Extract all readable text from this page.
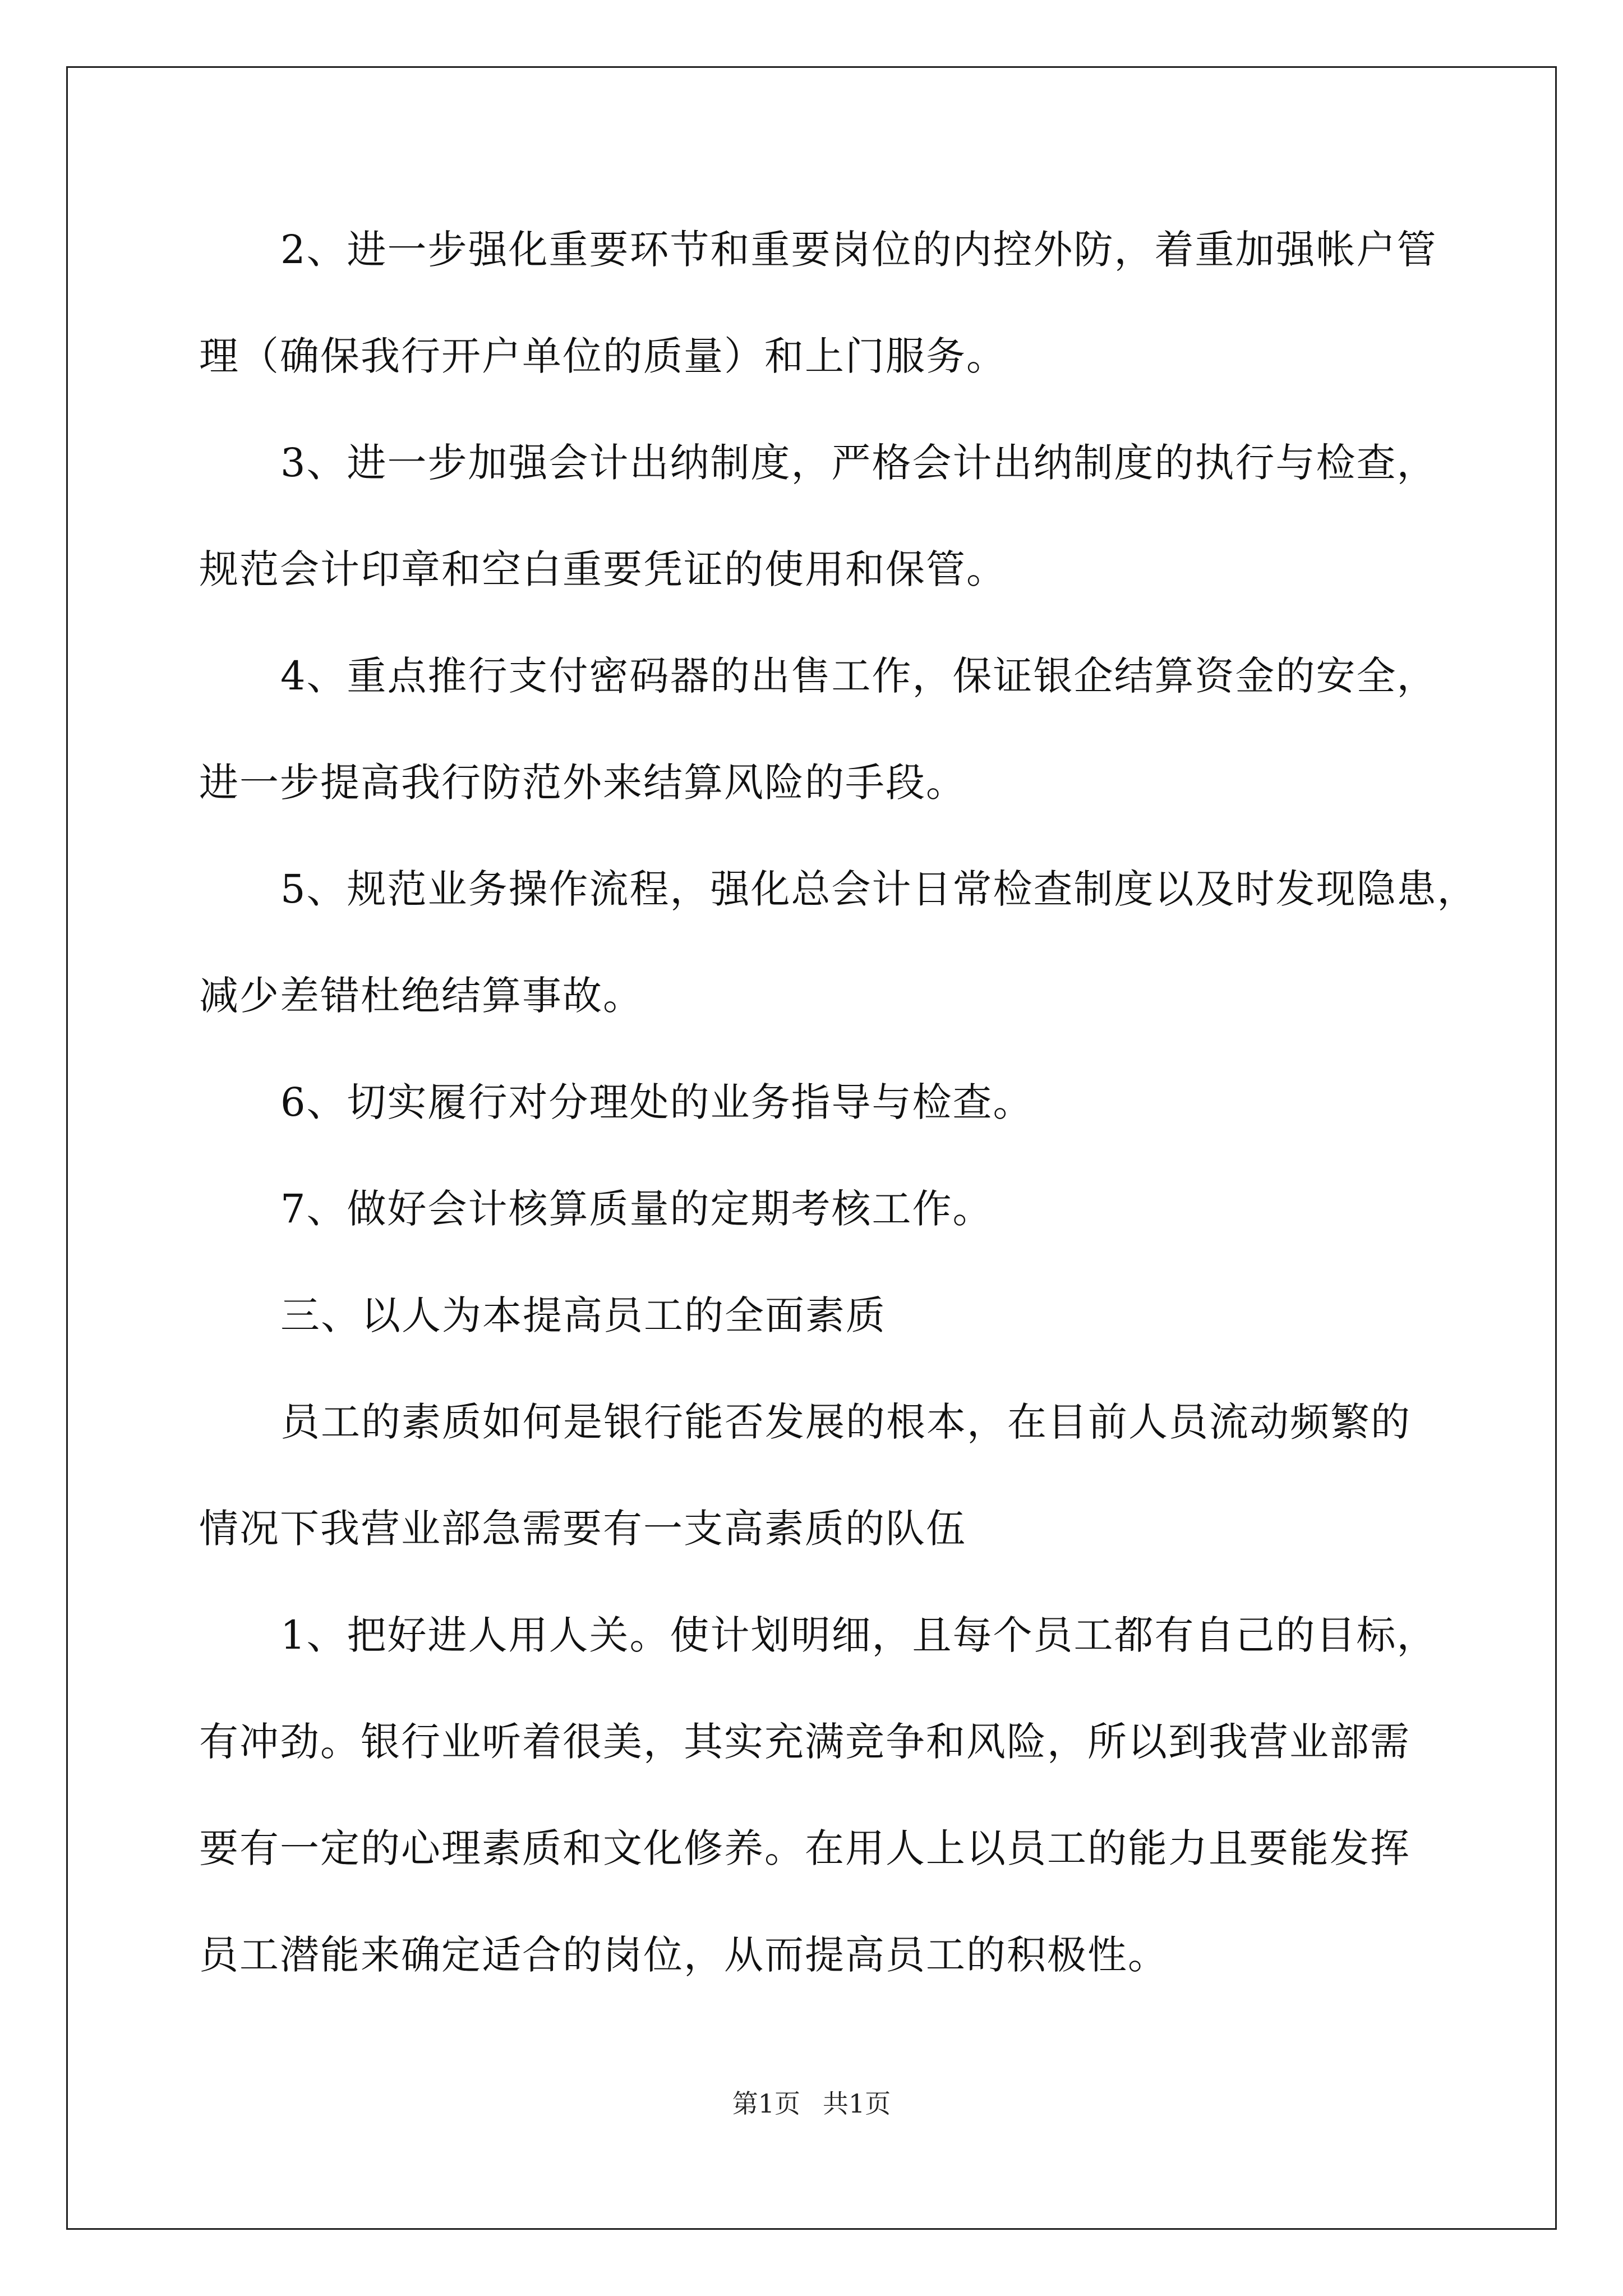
2、进一步强化重要环节和重要岗位的内控外防，着重加强帐户管
理（确保我行开户单位的质量）和上门服务。
3、进一步加强会计出纳制度，严格会计出纳制度的执行与检查，
规范会计印章和空白重要凭证的使用和保管。
4、重点推行支付密码器的出售工作，保证银企结算资金的安全，
进一步提高我行防范外来结算风险的手段。
5、规范业务操作流程，强化总会计日常检查制度以及时发现隐患，
减少差错杜绝结算事故。
6、切实履行对分理处的业务指导与检查。
7、做好会计核算质量的定期考核工作。
三、以人为本提高员工的全面素质
员工的素质如何是银行能否发展的根本，在目前人员流动频繁的
情况下我营业部急需要有一支高素质的队伍
1、把好进人用人关。使计划明细，且每个员工都有自己的目标，
有冲劲。银行业听着很美，其实充满竞争和风险，所以到我营业部需
要有一定的心理素质和文化修养。在用人上以员工的能力且要能发挥
员工潜能来确定适合的岗位，从而提高员工的积极性。
第1页 共1页
